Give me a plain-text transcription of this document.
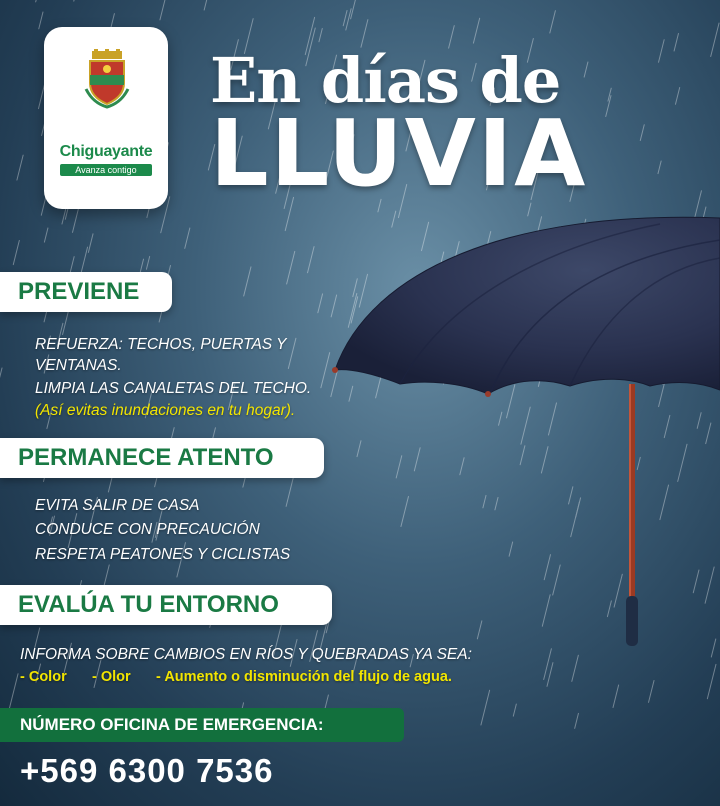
Chiguayante
Avanza contigo
En días de
LLUVIA
PREVIENE
REFUERZA: TECHOS, PUERTAS Y
VENTANAS.
LIMPIA LAS CANALETAS DEL TECHO.
(Así evitas inundaciones en tu hogar).
PERMANECE ATENTO
EVITA SALIR DE CASA
CONDUCE CON PRECAUCIÓN
RESPETA PEATONES Y CICLISTAS
EVALÚA TU ENTORNO
INFORMA SOBRE CAMBIOS EN RÍOS Y QUEBRADAS YA SEA:
- Color - Olor - Aumento o disminución del flujo de agua.
NÚMERO OFICINA DE EMERGENCIA:
+569 6300 7536
